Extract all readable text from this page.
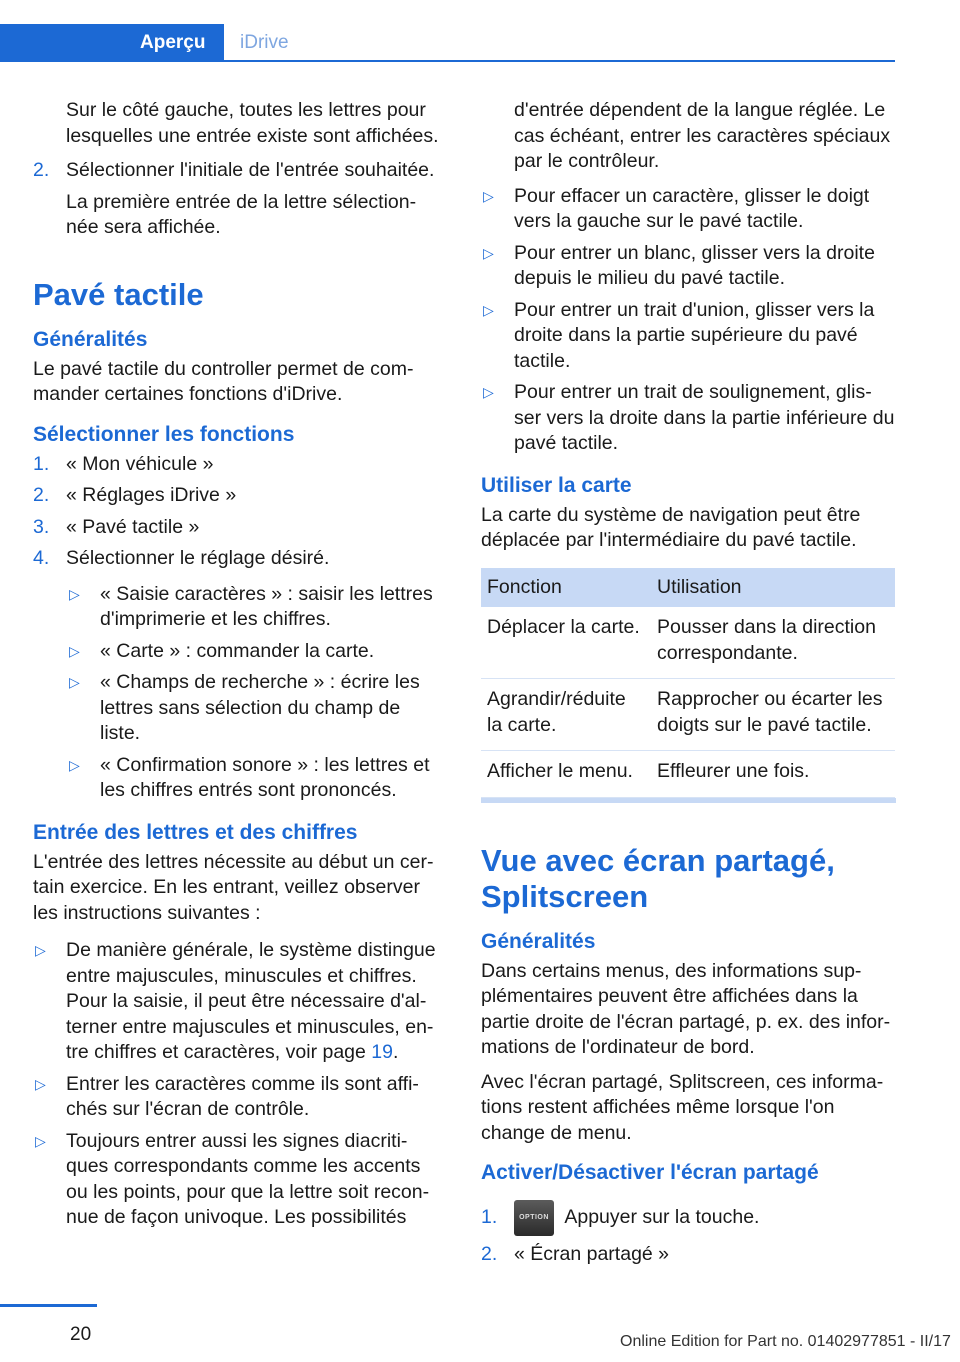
Aperçu	iDrive
Sur le côté gauche, toutes les lettres pour lesquelles une entrée existe sont affichées.
2. Sélectionner l'initiale de l'entrée souhaitée.
La première entrée de la lettre sélection-née sera affichée.
Pavé tactile
Généralités
Le pavé tactile du controller permet de com-mander certaines fonctions d'iDrive.
Sélectionner les fonctions
1. « Mon véhicule »
2. « Réglages iDrive »
3. « Pavé tactile »
4. Sélectionner le réglage désiré.
▷ « Saisie caractères » : saisir les lettres d'imprimerie et les chiffres.
▷ « Carte » : commander la carte.
▷ « Champs de recherche » : écrire les lettres sans sélection du champ de liste.
▷ « Confirmation sonore » : les lettres et les chiffres entrés sont prononcés.
Entrée des lettres et des chiffres
L'entrée des lettres nécessite au début un cer-tain exercice. En les entrant, veillez observer les instructions suivantes :
▷ De manière générale, le système distingue entre majuscules, minuscules et chiffres. Pour la saisie, il peut être nécessaire d'al-terner entre majuscules et minuscules, en-tre chiffres et caractères, voir page 19.
▷ Entrer les caractères comme ils sont affi-chés sur l'écran de contrôle.
▷ Toujours entrer aussi les signes diacriti-ques correspondants comme les accents ou les points, pour que la lettre soit recon-nue de façon univoque. Les possibilités
d'entrée dépendent de la langue réglée. Le cas échéant, entrer les caractères spéciaux par le contrôleur.
▷ Pour effacer un caractère, glisser le doigt vers la gauche sur le pavé tactile.
▷ Pour entrer un blanc, glisser vers la droite depuis le milieu du pavé tactile.
▷ Pour entrer un trait d'union, glisser vers la droite dans la partie supérieure du pavé tactile.
▷ Pour entrer un trait de soulignement, glis-ser vers la droite dans la partie inférieure du pavé tactile.
Utiliser la carte
La carte du système de navigation peut être déplacée par l'intermédiaire du pavé tactile.
Fonction	Utilisation
Déplacer la carte.	Pousser dans la direction correspondante.
Agrandir/réduite la carte.	Rapprocher ou écarter les doigts sur le pavé tactile.
Afficher le menu.	Effleurer une fois.
Vue avec écran partagé, Splitscreen
Généralités
Dans certains menus, des informations sup-plémentaires peuvent être affichées dans la partie droite de l'écran partagé, p. ex. des infor-mations de l'ordinateur de bord.
Avec l'écran partagé, Splitscreen, ces informa-tions restent affichées même lorsque l'on change de menu.
Activer/Désactiver l'écran partagé
1.	OPTION Appuyer sur la touche.
2. « Écran partagé »
20	Online Edition for Part no. 01402977851 - II/17
